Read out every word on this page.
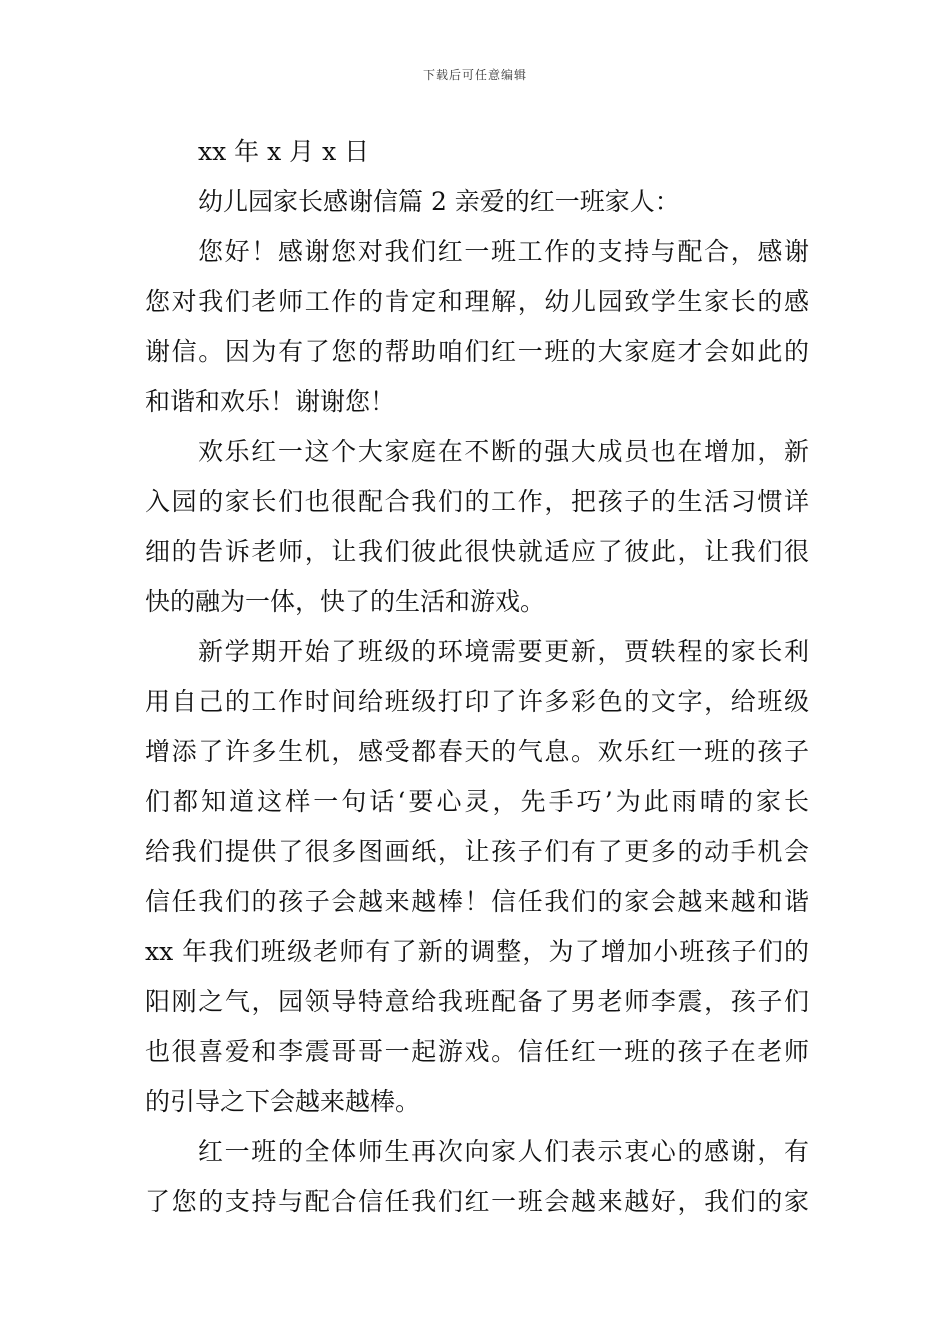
下载后可任意编辑
xx 年 x 月 x 日
幼儿园家长感谢信篇 2 亲爱的红一班家人：
您好！感谢您对我们红一班工作的支持与配合，感谢
您对我们老师工作的肯定和理解，幼儿园致学生家长的感
谢信。因为有了您的帮助咱们红一班的大家庭才会如此的
和谐和欢乐！谢谢您！
欢乐红一这个大家庭在不断的强大成员也在增加，新
入园的家长们也很配合我们的工作，把孩子的生活习惯详
细的告诉老师，让我们彼此很快就适应了彼此，让我们很
快的融为一体，快了的生活和游戏。
新学期开始了班级的环境需要更新，贾轶程的家长利
用自己的工作时间给班级打印了许多彩色的文字，给班级
增添了许多生机，感受都春天的气息。欢乐红一班的孩子
们都知道这样一句话‘要心灵，先手巧’为此雨晴的家长
给我们提供了很多图画纸，让孩子们有了更多的动手机会
信任我们的孩子会越来越棒！信任我们的家会越来越和谐
xx 年我们班级老师有了新的调整，为了增加小班孩子们的
阳刚之气，园领导特意给我班配备了男老师李震，孩子们
也很喜爱和李震哥哥一起游戏。信任红一班的孩子在老师
的引导之下会越来越棒。
红一班的全体师生再次向家人们表示衷心的感谢，有
了您的支持与配合信任我们红一班会越来越好，我们的家
